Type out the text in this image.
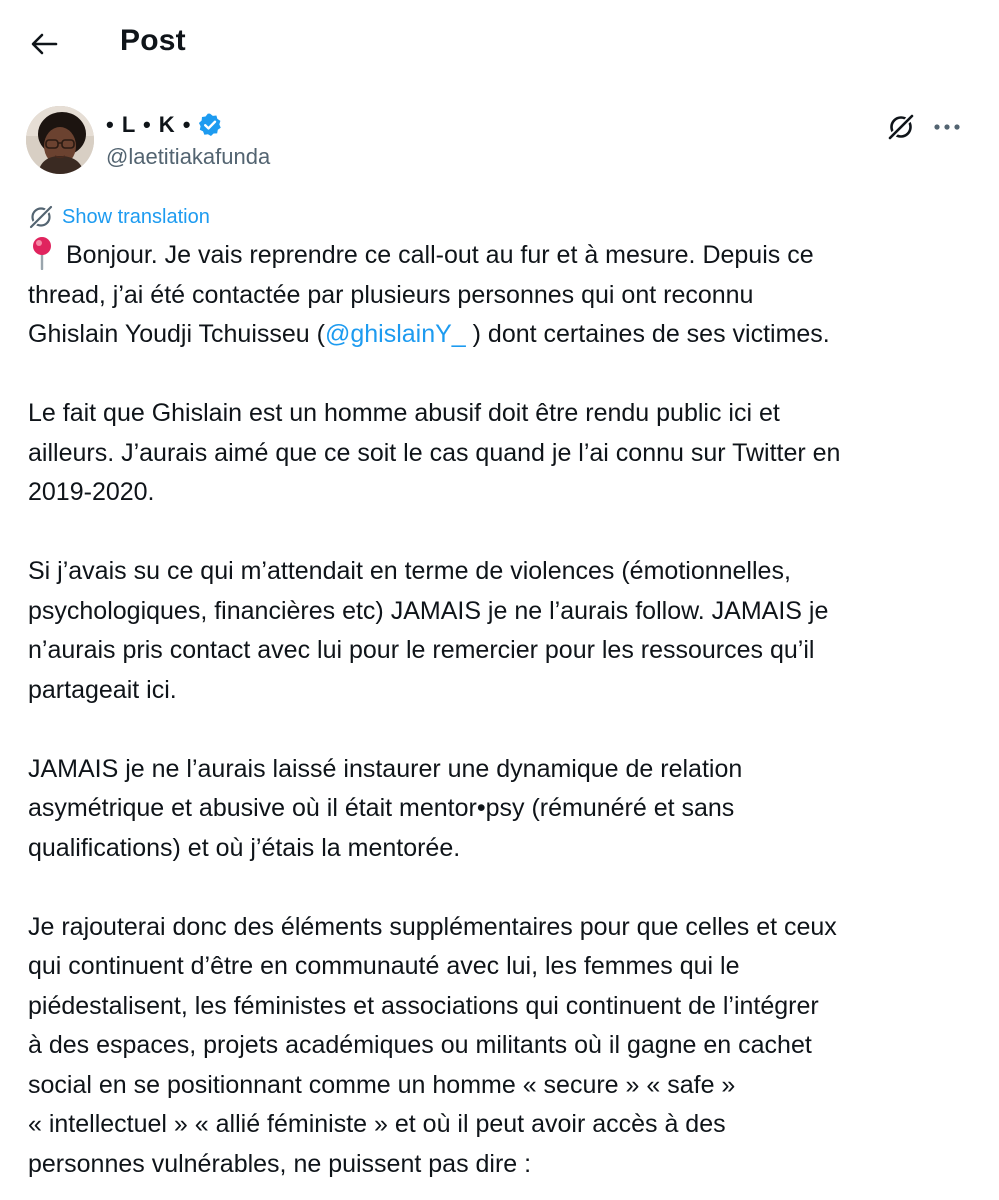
Post
• L • K •
@laetitiakafunda
Show translation
Bonjour. Je vais reprendre ce call-out au fur et à mesure. Depuis ce
thread, j’ai été contactée par plusieurs personnes qui ont reconnu
Ghislain Youdji Tchuisseu (@ghislainY_ ) dont certaines de ses victimes.
Le fait que Ghislain est un homme abusif doit être rendu public ici et
ailleurs. J’aurais aimé que ce soit le cas quand je l’ai connu sur Twitter en
2019-2020.
Si j’avais su ce qui m’attendait en terme de violences (émotionnelles,
psychologiques, financières etc) JAMAIS je ne l’aurais follow. JAMAIS je
n’aurais pris contact avec lui pour le remercier pour les ressources qu’il
partageait ici.
JAMAIS je ne l’aurais laissé instaurer une dynamique de relation
asymétrique et abusive où il était mentor•psy (rémunéré et sans
qualifications) et où j’étais la mentorée.
Je rajouterai donc des éléments supplémentaires pour que celles et ceux
qui continuent d’être en communauté avec lui, les femmes qui le
piédestalisent, les féministes et associations qui continuent de l’intégrer
à des espaces, projets académiques ou militants où il gagne en cachet
social en se positionnant comme un homme « secure » « safe »
« intellectuel » « allié féministe » et où il peut avoir accès à des
personnes vulnérables, ne puissent pas dire :
